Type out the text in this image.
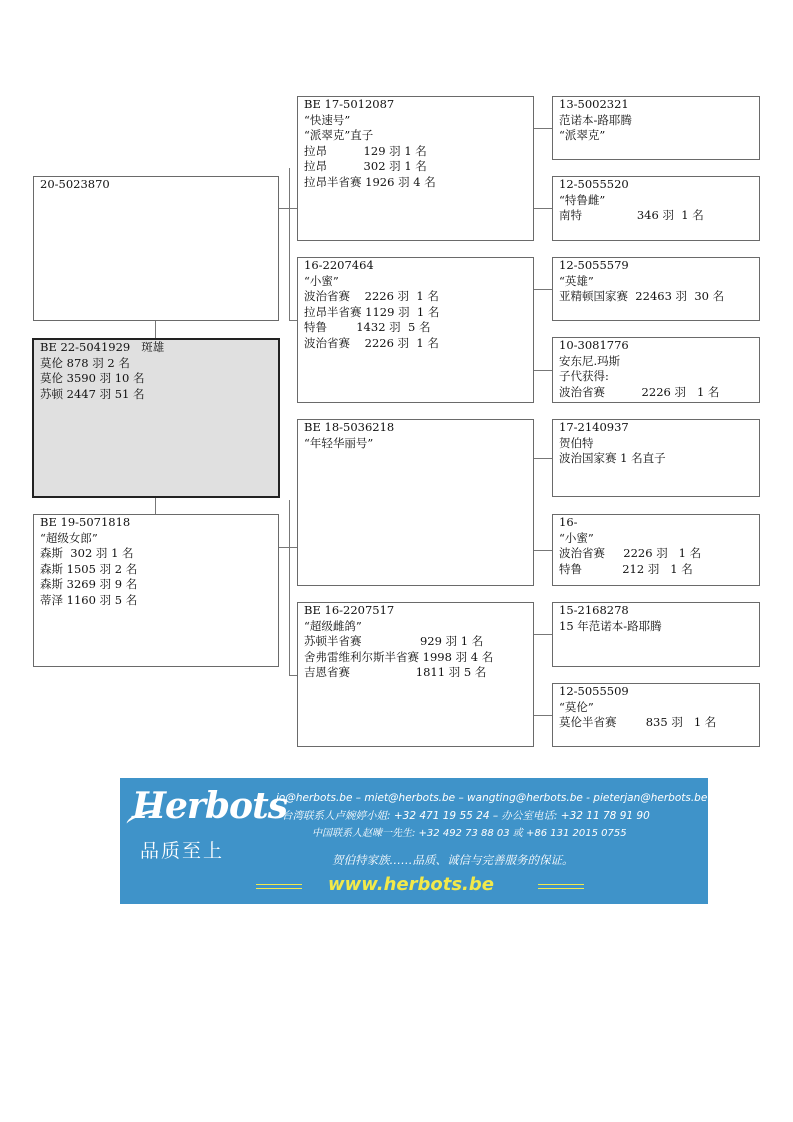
20-5023870
BE 22-5041929   斑雄
莫伦 878 羽 2 名
莫伦 3590 羽 10 名
苏顿 2447 羽 51 名
BE 19-5071818
“超级女郎”
森斯  302 羽 1 名
森斯 1505 羽 2 名
森斯 3269 羽 9 名
蒂泽 1160 羽 5 名
BE 17-5012087
“快速号”
“派翠克”直子
拉昂          129 羽 1 名
拉昂          302 羽 1 名
拉昂半省赛 1926 羽 4 名
16-2207464
“小蜜”
波治省赛    2226 羽  1 名
拉昂半省赛 1129 羽  1 名
特鲁        1432 羽  5 名
波治省赛    2226 羽  1 名
BE 18-5036218
“年轻华丽号”
BE 16-2207517
“超级雌鸽”
苏顿半省赛                929 羽 1 名
舍弗雷维利尔斯半省赛 1998 羽 4 名
吉恩省赛                  1811 羽 5 名
13-5002321
范诺本-路耶腾
“派翠克”
12-5055520
“特鲁雌”
南特               346 羽  1 名
12-5055579
“英雄”
亚精顿国家赛  22463 羽  30 名
10-3081776
安东尼.玛斯
子代获得:
波治省赛          2226 羽   1 名
17-2140937
贺伯特
波治国家赛 1 名直子
16-
“小蜜”
波治省赛     2226 羽   1 名
特鲁           212 羽   1 名
15-2168278
15 年范诺本-路耶腾
12-5055509
“莫伦”
莫伦半省赛        835 羽   1 名
Herbots
品质至上
jo@herbots.be – miet@herbots.be – wangting@herbots.be - pieterjan@herbots.be
台湾联系人卢婉婷小姐: +32 471 19 55 24 – 办公室电话: +32 11 78 91 90
中国联系人赵暕一先生: +32 492 73 88 03 或 +86 131 2015 0755
贺伯特家族……品质、诚信与完善服务的保证。
www.herbots.be
